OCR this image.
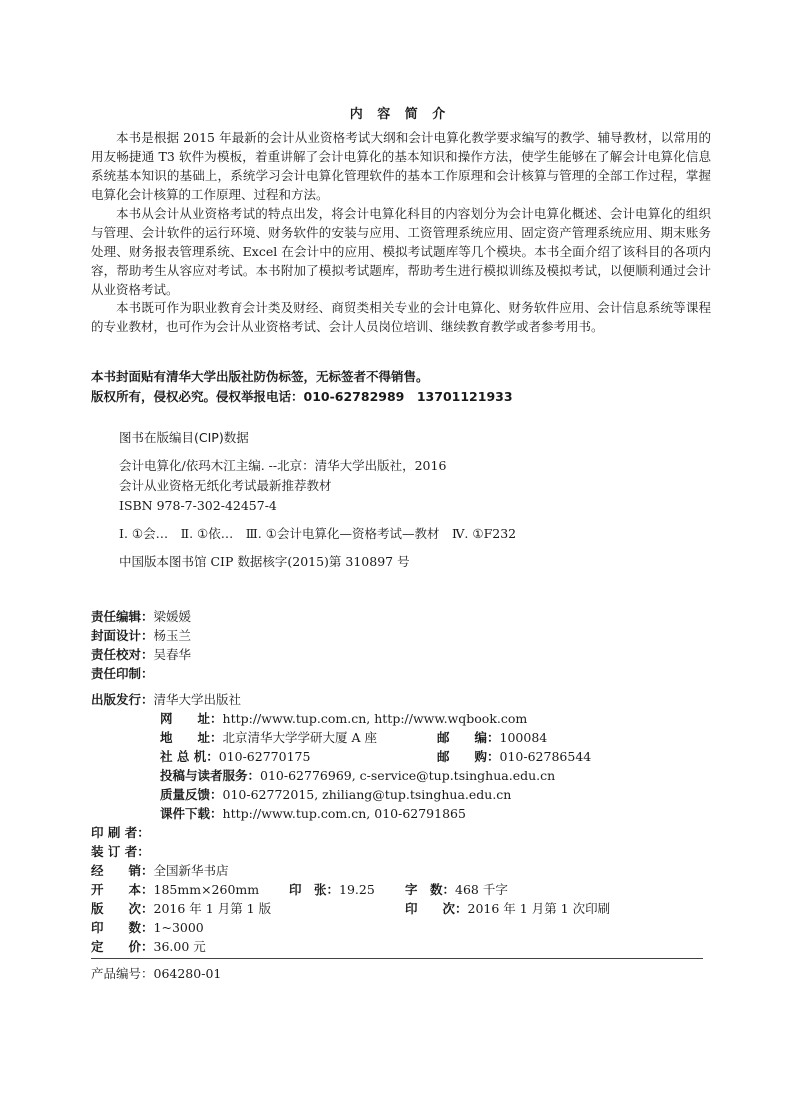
内 容 简 介

本书是根据 2015 年最新的会计从业资格考试大纲和会计电算化教学要求编写的教学、辅导教材，以常用的用友畅捷通 T3 软件为模板，着重讲解了会计电算化的基本知识和操作方法，使学生能够在了解会计电算化信息系统基本知识的基础上，系统学习会计电算化管理软件的基本工作原理和会计核算与管理的全部工作过程，掌握电算化会计核算的工作原理、过程和方法。

本书从会计从业资格考试的特点出发，将会计电算化科目的内容划分为会计电算化概述、会计电算化的组织与管理、会计软件的运行环境、财务软件的安装与应用、工资管理系统应用、固定资产管理系统应用、期末账务处理、财务报表管理系统、Excel 在会计中的应用、模拟考试题库等几个模块。本书全面介绍了该科目的各项内容，帮助考生从容应对考试。本书附加了模拟考试题库，帮助考生进行模拟训练及模拟考试，以便顺利通过会计从业资格考试。

本书既可作为职业教育会计类及财经、商贸类相关专业的会计电算化、财务软件应用、会计信息系统等课程的专业教材，也可作为会计从业资格考试、会计人员岗位培训、继续教育教学或者参考用书。

本书封面贴有清华大学出版社防伪标签，无标签者不得销售。
版权所有，侵权必究。侵权举报电话：010-62782989　13701121933
图书在版编目(CIP)数据
会计电算化/依玛木江主编. --北京：清华大学出版社，2016
会计从业资格无纸化考试最新推荐教材
ISBN 978-7-302-42457-4
Ⅰ. ①会…　Ⅱ. ①依…　Ⅲ. ①会计电算化—资格考试—教材　Ⅳ. ①F232
中国版本图书馆 CIP 数据核字(2015)第 310897 号
责任编辑：梁媛媛
封面设计：杨玉兰
责任校对：吴春华
责任印制：
出版发行：清华大学出版社
网　　址：http://www.tup.com.cn, http://www.wqbook.com
地　　址：北京清华大学学研大厦 A 座	邮　　编：100084
社 总 机：010-62770175	邮　　购：010-62786544
投稿与读者服务：010-62776969, c-service@tup.tsinghua.edu.cn
质量反馈：010-62772015, zhiliang@tup.tsinghua.edu.cn
课件下载：http://www.tup.com.cn, 010-62791865
印 刷 者：
装 订 者：
经　　销：全国新华书店
开　　本：185mm×260mm 印　张：19.25 字　数：468 千字
版　　次：2016 年 1 月第 1 版	印　　次：2016 年 1 月第 1 次印刷
印　　数：1~3000
定　　价：36.00 元
产品编号：064280-01
